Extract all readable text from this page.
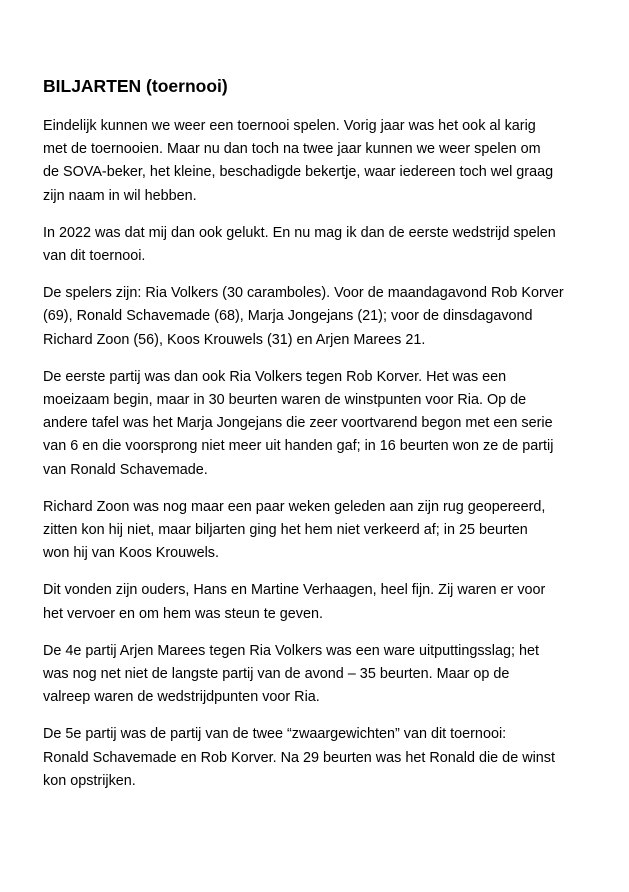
BILJARTEN (toernooi)

Eindelijk kunnen we weer een toernooi spelen. Vorig jaar was het ook al karig
met de toernooien. Maar nu dan toch na twee jaar kunnen we weer spelen om
de SOVA-beker, het kleine, beschadigde bekertje, waar iedereen toch wel graag
zijn naam in wil hebben.

In 2022 was dat mij dan ook gelukt. En nu mag ik dan de eerste wedstrijd spelen
van dit toernooi.

De spelers zijn: Ria Volkers (30 caramboles). Voor de maandagavond Rob Korver
(69), Ronald Schavemade (68), Marja Jongejans (21); voor de dinsdagavond
Richard Zoon (56), Koos Krouwels (31) en Arjen Marees 21.

De eerste partij was dan ook Ria Volkers tegen Rob Korver. Het was een
moeizaam begin, maar in 30 beurten waren de winstpunten voor Ria. Op de
andere tafel was het Marja Jongejans die zeer voortvarend begon met een serie
van 6 en die voorsprong niet meer uit handen gaf; in 16 beurten won ze de partij
van Ronald Schavemade.

Richard Zoon was nog maar een paar weken geleden aan zijn rug geopereerd,
zitten kon hij niet, maar biljarten ging het hem niet verkeerd af; in 25 beurten
won hij van Koos Krouwels.

Dit vonden zijn ouders, Hans en Martine Verhaagen, heel fijn. Zij waren er voor
het vervoer en om hem was steun te geven.

De 4e partij Arjen Marees tegen Ria Volkers was een ware uitputtingsslag; het
was nog net niet de langste partij van de avond – 35 beurten. Maar op de
valreep waren de wedstrijdpunten voor Ria.

De 5e partij was de partij van de twee “zwaargewichten” van dit toernooi:
Ronald Schavemade en Rob Korver. Na 29 beurten was het Ronald die de winst
kon opstrijken.
